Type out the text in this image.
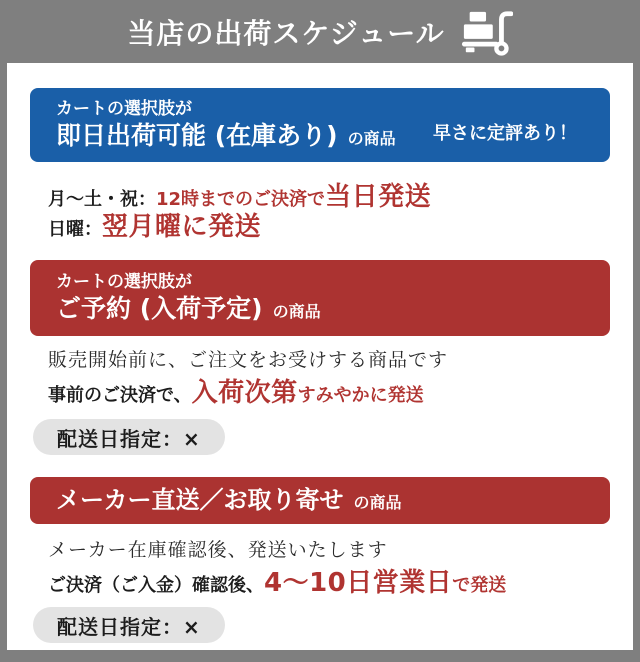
当店の出荷スケジュール
カートの選択肢が
即日出荷可能 (在庫あり) の商品 早さに定評あり！
月〜土・祝： 12時までのご決済で 当日発送
日曜： 翌月曜に発送
カートの選択肢が
ご予約 (入荷予定) の商品
販売開始前に、ご注文をお受けする商品です
事前のご決済で、 入荷次第 すみやかに発送
配送日指定：×
メーカー直送／お取り寄せ の商品
メーカー在庫確認後、発送いたします
ご決済（ご入金）確認後、 4〜10日営業日 で発送
配送日指定：×
